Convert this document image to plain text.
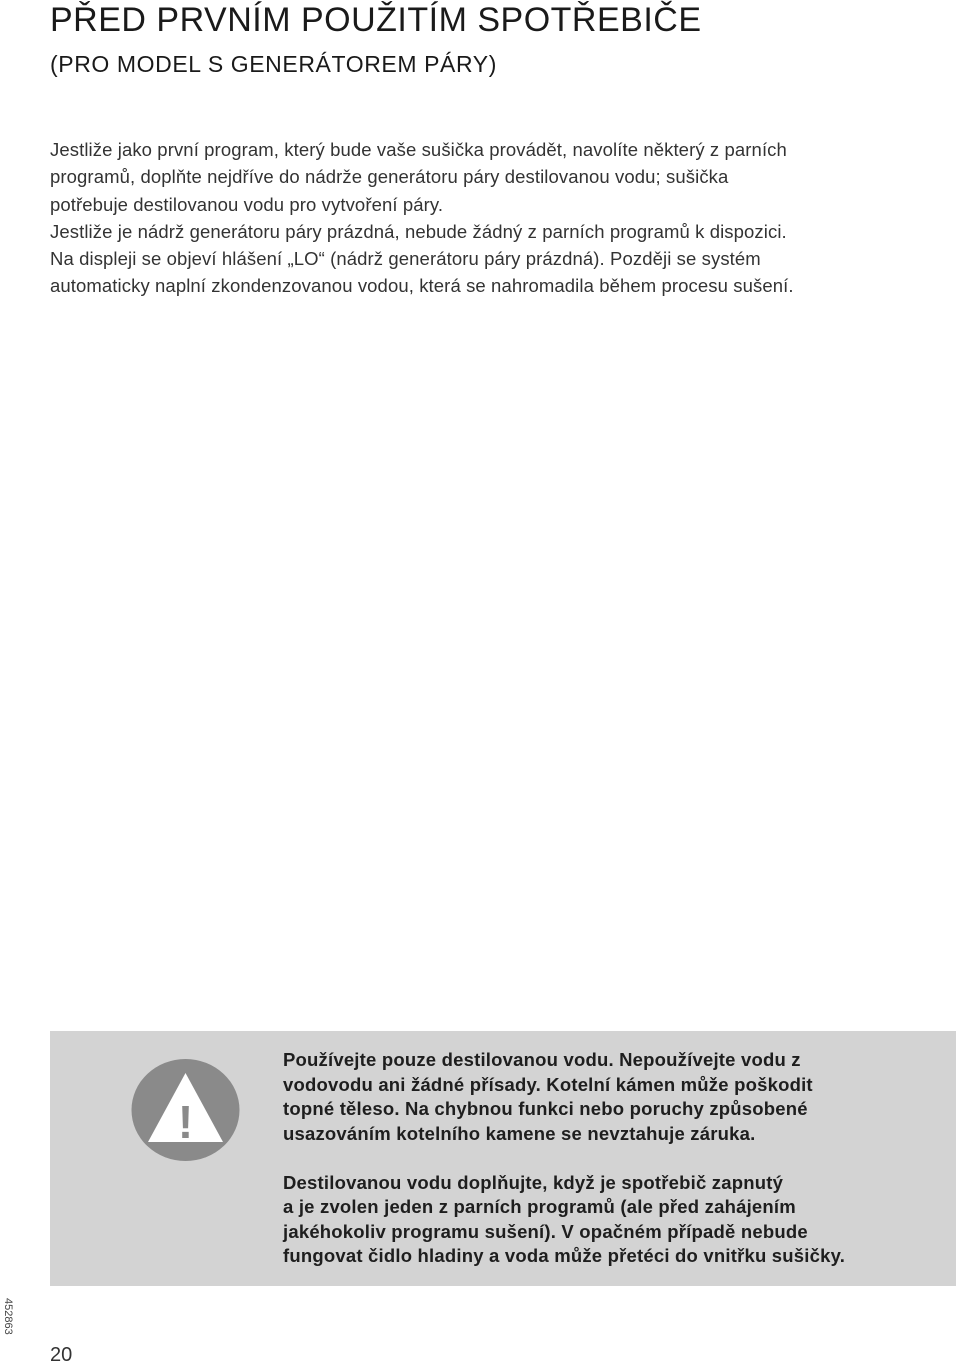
PŘED PRVNÍM POUŽITÍM SPOTŘEBIČE
(PRO MODEL S GENERÁTOREM PÁRY)

Jestliže jako první program, který bude vaše sušička provádět, navolíte některý z parních
programů, doplňte nejdříve do nádrže generátoru páry destilovanou vodu; sušička
potřebuje destilovanou vodu pro vytvoření páry.
Jestliže je nádrž generátoru páry prázdná, nebude žádný z parních programů k dispozici.
Na displeji se objeví hlášení „LO“ (nádrž generátoru páry prázdná). Později se systém
automaticky naplní zkondenzovanou vodou, která se nahromadila během procesu sušení.

!

Používejte pouze destilovanou vodu. Nepoužívejte vodu z
vodovodu ani žádné přísady. Kotelní kámen může poškodit
topné těleso. Na chybnou funkci nebo poruchy způsobené
usazováním kotelního kamene se nevztahuje záruka.

Destilovanou vodu doplňujte, když je spotřebič zapnutý
a je zvolen jeden z parních programů (ale před zahájením
jakéhokoliv programu sušení). V opačném případě nebude
fungovat čidlo hladiny a voda může přetéci do vnitřku sušičky.

452863
20
